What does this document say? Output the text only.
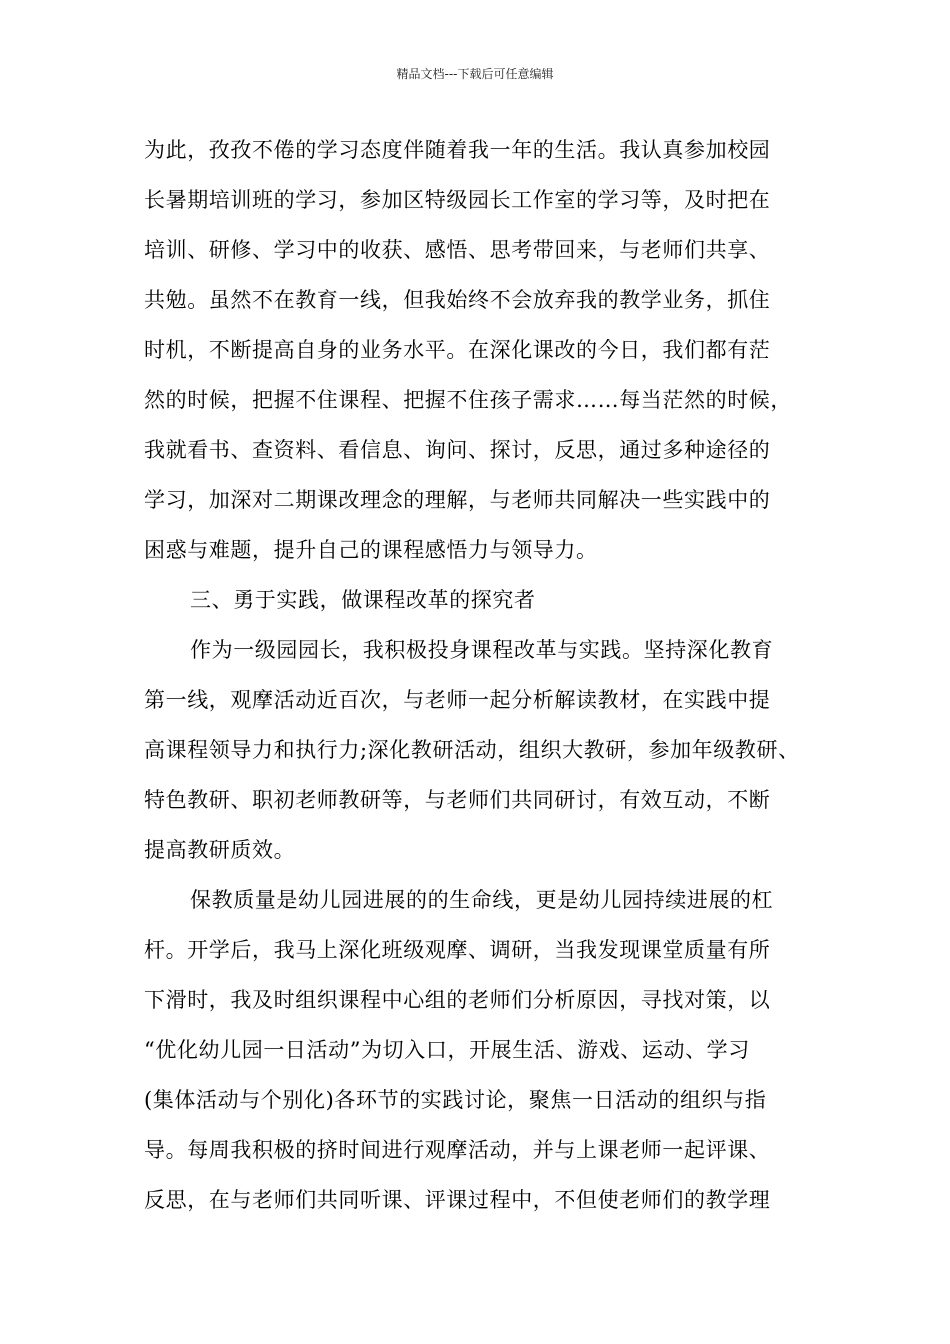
精品文档---下载后可任意编辑
为此，孜孜不倦的学习态度伴随着我一年的生活。我认真参加校园
长暑期培训班的学习，参加区特级园长工作室的学习等，及时把在
培训、研修、学习中的收获、感悟、思考带回来，与老师们共享、
共勉。虽然不在教育一线，但我始终不会放弃我的教学业务，抓住
时机，不断提高自身的业务水平。在深化课改的今日，我们都有茫
然的时候，把握不住课程、把握不住孩子需求……每当茫然的时候，
我就看书、查资料、看信息、询问、探讨，反思，通过多种途径的
学习，加深对二期课改理念的理解，与老师共同解决一些实践中的
困惑与难题，提升自己的课程感悟力与领导力。
三、勇于实践，做课程改革的探究者
作为一级园园长，我积极投身课程改革与实践。坚持深化教育
第一线，观摩活动近百次，与老师一起分析解读教材，在实践中提
高课程领导力和执行力;深化教研活动，组织大教研，参加年级教研、
特色教研、职初老师教研等，与老师们共同研讨，有效互动，不断
提高教研质效。
保教质量是幼儿园进展的的生命线，更是幼儿园持续进展的杠
杆。开学后，我马上深化班级观摩、调研，当我发现课堂质量有所
下滑时，我及时组织课程中心组的老师们分析原因，寻找对策，以
“优化幼儿园一日活动”为切入口，开展生活、游戏、运动、学习
(集体活动与个别化)各环节的实践讨论，聚焦一日活动的组织与指
导。每周我积极的挤时间进行观摩活动，并与上课老师一起评课、
反思，在与老师们共同听课、评课过程中，不但使老师们的教学理
